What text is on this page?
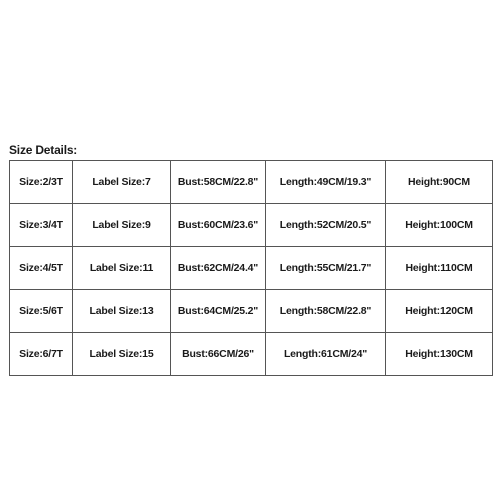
Size Details:
Size:2/3T	Label Size:7	Bust:58CM/22.8"	Length:49CM/19.3"	Height:90CM
Size:3/4T	Label Size:9	Bust:60CM/23.6"	Length:52CM/20.5"	Height:100CM
Size:4/5T	Label Size:11	Bust:62CM/24.4"	Length:55CM/21.7"	Height:110CM
Size:5/6T	Label Size:13	Bust:64CM/25.2"	Length:58CM/22.8"	Height:120CM
Size:6/7T	Label Size:15	Bust:66CM/26"	Length:61CM/24"	Height:130CM
